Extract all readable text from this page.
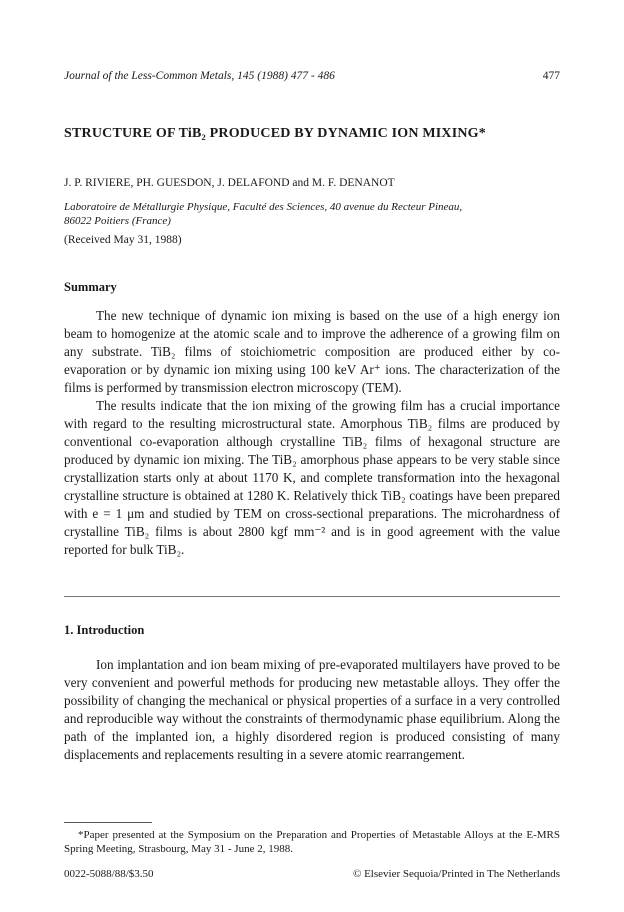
Journal of the Less-Common Metals, 145 (1988) 477 - 486	477
STRUCTURE OF TiB₂ PRODUCED BY DYNAMIC ION MIXING*
J. P. RIVIERE, PH. GUESDON, J. DELAFOND and M. F. DENANOT
Laboratoire de Métallurgie Physique, Faculté des Sciences, 40 avenue du Recteur Pineau,
86022 Poitiers (France)
(Received May 31, 1988)
Summary

The new technique of dynamic ion mixing is based on the use of a high energy ion beam to homogenize at the atomic scale and to improve the adherence of a growing film on any substrate. TiB₂ films of stoichiometric composition are produced either by co-evaporation or by dynamic ion mixing using 100 keV Ar⁺ ions. The characterization of the films is performed by transmission electron microscopy (TEM).

The results indicate that the ion mixing of the growing film has a crucial importance with regard to the resulting microstructural state. Amorphous TiB₂ films are produced by conventional co-evaporation although crystalline TiB₂ films of hexagonal structure are produced by dynamic ion mixing. The TiB₂ amorphous phase appears to be very stable since crystallization starts only at about 1170 K, and complete transformation into the hexagonal crystalline structure is obtained at 1280 K. Relatively thick TiB₂ coatings have been prepared with e = 1 μm and studied by TEM on cross-sectional preparations. The microhardness of crystalline TiB₂ films is about 2800 kgf mm⁻² and is in good agreement with the value reported for bulk TiB₂.

1. Introduction

Ion implantation and ion beam mixing of pre-evaporated multilayers have proved to be very convenient and powerful methods for producing new metastable alloys. They offer the possibility of changing the mechanical or physical properties of a surface in a very controlled and reproducible way without the constraints of thermodynamic phase equilibrium. Along the path of the implanted ion, a highly disordered region is produced consisting of many displacements and replacements resulting in a severe atomic rearrangement.

*Paper presented at the Symposium on the Preparation and Properties of Metastable Alloys at the E-MRS Spring Meeting, Strasbourg, May 31 - June 2, 1988.
0022-5088/88/$3.50	© Elsevier Sequoia/Printed in The Netherlands
